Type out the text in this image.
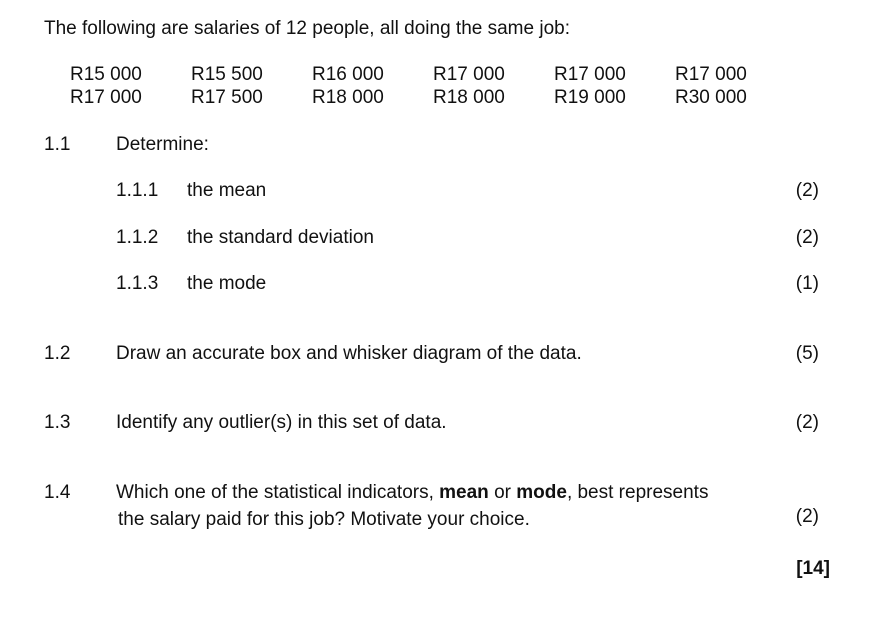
The following are salaries of 12 people, all doing the same job:
R15 000	R15 500	R16 000	R17 000	R17 000	R17 000
R17 000	R17 500	R18 000	R18 000	R19 000	R30 000
1.1 Determine:
1.1.1 the mean	(2)
1.1.2 the standard deviation	(2)
1.1.3 the mode	(1)
1.2 Draw an accurate box and whisker diagram of the data.	(5)
1.3 Identify any outlier(s) in this set of data.	(2)
1.4 Which one of the statistical indicators, mean or mode, best represents
the salary paid for this job? Motivate your choice.	(2)
[14]
